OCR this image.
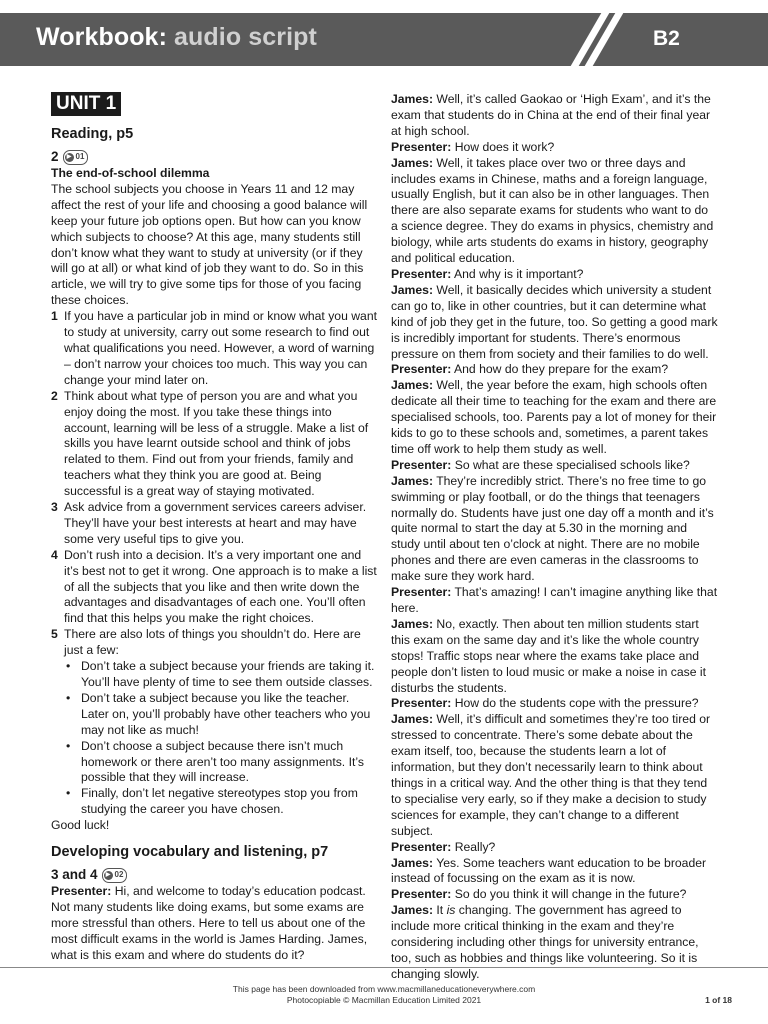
Workbook: audio script	B2
UNIT 1
Reading, p5
2	▶ 01

The end-of-school dilemma

The school subjects you choose in Years 11 and 12 may affect the rest of your life and choosing a good balance will keep your future job options open. But how can you know which subjects to choose? At this age, many students still don’t know what they want to study at university (or if they will go at all) or what kind of job they want to do. So in this article, we will try to give some tips for those of you facing these choices.

1 If you have a particular job in mind or know what you want to study at university, carry out some research to find out what qualifications you need. However, a word of warning – don’t narrow your choices too much. This way you can change your mind later on.
2 Think about what type of person you are and what you enjoy doing the most. If you take these things into account, learning will be less of a struggle. Make a list of skills you have learnt outside school and think of jobs related to them. Find out from your friends, family and teachers what they think you are good at. Being successful is a great way of staying motivated.
3 Ask advice from a government services careers adviser. They’ll have your best interests at heart and may have some very useful tips to give you.
4 Don’t rush into a decision. It’s a very important one and it’s best not to get it wrong. One approach is to make a list of all the subjects that you like and then write down the advantages and disadvantages of each one. You’ll often find that this helps you make the right choices.
5 There are also lots of things you shouldn’t do. Here are just a few:
• Don’t take a subject because your friends are taking it. You’ll have plenty of time to see them outside classes.
• Don’t take a subject because you like the teacher. Later on, you’ll probably have other teachers who you may not like as much!
• Don’t choose a subject because there isn’t much homework or there aren’t too many assignments. It’s possible that they will increase.
• Finally, don’t let negative stereotypes stop you from studying the career you have chosen.

Good luck!

Developing vocabulary and listening, p7
3 and 4	▶ 02

Presenter: Hi, and welcome to today’s education podcast. Not many students like doing exams, but some exams are more stressful than others. Here to tell us about one of the most difficult exams in the world is James Harding. James, what is this exam and where do students do it?

James: Well, it’s called Gaokao or ‘High Exam’, and it’s the exam that students do in China at the end of their final year at high school.

Presenter: How does it work?

James: Well, it takes place over two or three days and includes exams in Chinese, maths and a foreign language, usually English, but it can also be in other languages. Then there are also separate exams for students who want to do a science degree. They do exams in physics, chemistry and biology, while arts students do exams in history, geography and political education.

Presenter: And why is it important?

James: Well, it basically decides which university a student can go to, like in other countries, but it can determine what kind of job they get in the future, too. So getting a good mark is incredibly important for students. There’s enormous pressure on them from society and their families to do well.

Presenter: And how do they prepare for the exam?

James: Well, the year before the exam, high schools often dedicate all their time to teaching for the exam and there are specialised schools, too. Parents pay a lot of money for their kids to go to these schools and, sometimes, a parent takes time off work to help them study as well.

Presenter: So what are these specialised schools like?

James: They’re incredibly strict. There’s no free time to go swimming or play football, or do the things that teenagers normally do. Students have just one day off a month and it’s quite normal to start the day at 5.30 in the morning and study until about ten o’clock at night. There are no mobile phones and there are even cameras in the classrooms to make sure they work hard.

Presenter: That’s amazing! I can’t imagine anything like that here.

James: No, exactly. Then about ten million students start this exam on the same day and it’s like the whole country stops! Traffic stops near where the exams take place and people don’t listen to loud music or make a noise in case it disturbs the students.

Presenter: How do the students cope with the pressure?

James: Well, it’s difficult and sometimes they’re too tired or stressed to concentrate. There’s some debate about the exam itself, too, because the students learn a lot of information, but they don’t necessarily learn to think about things in a critical way. And the other thing is that they tend to specialise very early, so if they make a decision to study sciences for example, they can’t change to a different subject.

Presenter: Really?

James: Yes. Some teachers want education to be broader instead of focussing on the exam as it is now.

Presenter: So do you think it will change in the future?

James: It is changing. The government has agreed to include more critical thinking in the exam and they’re considering including other things for university entrance, too, such as hobbies and things like volunteering. So it is changing slowly.

This page has been downloaded from www.macmillaneducationeverywhere.com
Photocopiable © Macmillan Education Limited 2021	1 of 18
